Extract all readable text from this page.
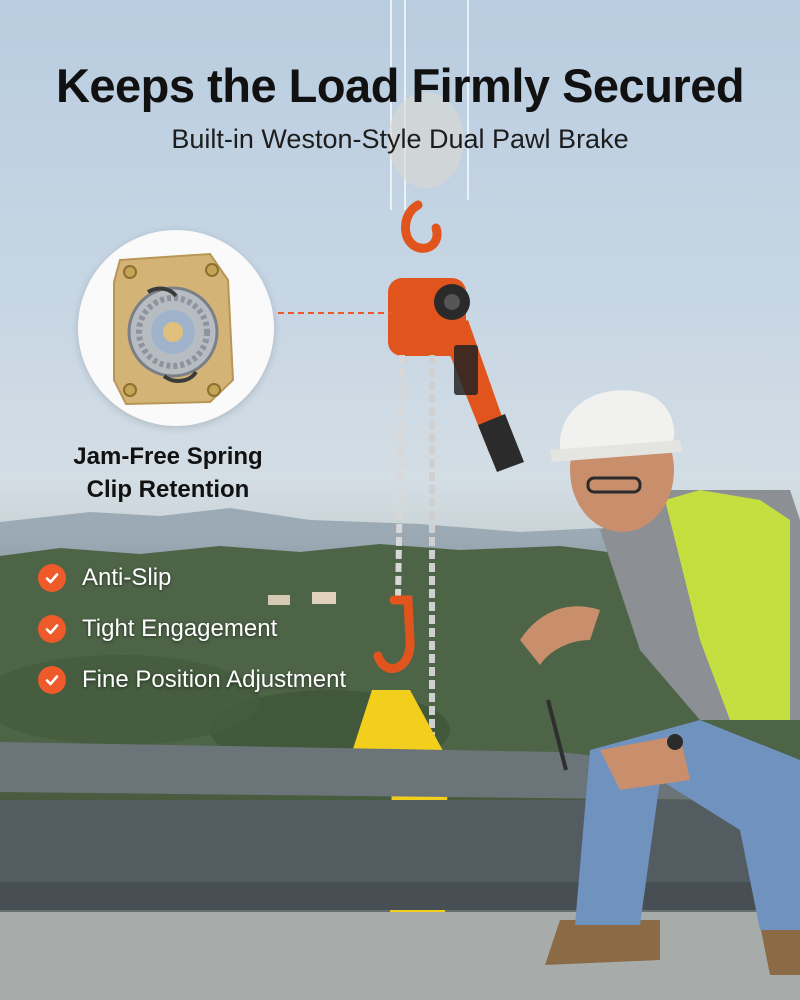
Keeps the Load Firmly Secured
Built-in Weston-Style Dual Pawl Brake
Jam-Free Spring
Clip Retention
Anti-Slip
Tight Engagement
Fine Position Adjustment
